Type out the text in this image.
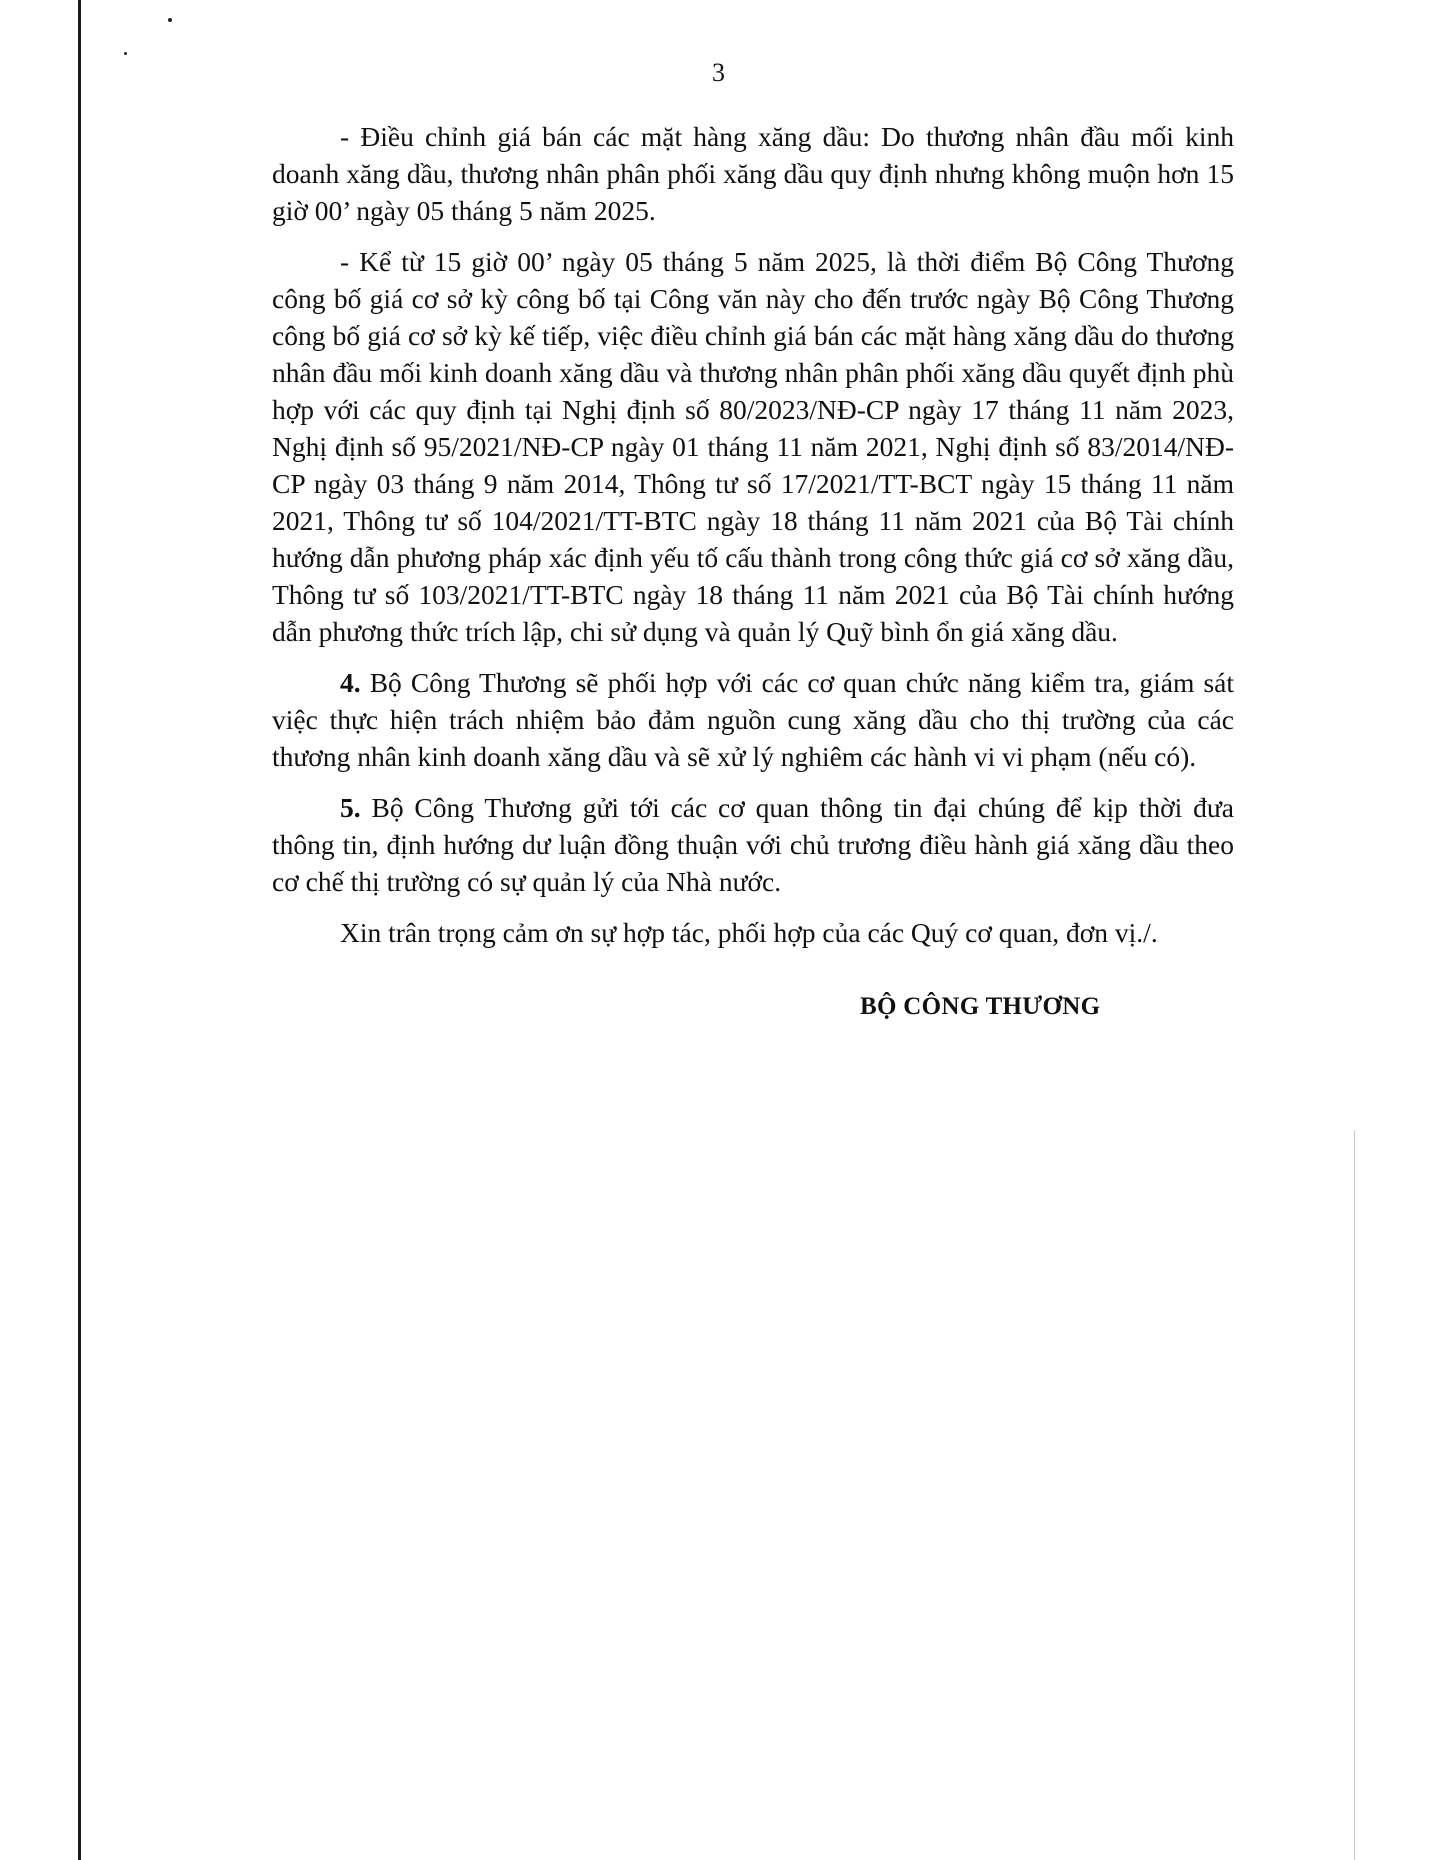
3

- Điều chỉnh giá bán các mặt hàng xăng dầu: Do thương nhân đầu mối kinh doanh xăng dầu, thương nhân phân phối xăng dầu quy định nhưng không muộn hơn 15 giờ 00’ ngày 05 tháng 5 năm 2025.

- Kể từ 15 giờ 00’ ngày 05 tháng 5 năm 2025, là thời điểm Bộ Công Thương công bố giá cơ sở kỳ công bố tại Công văn này cho đến trước ngày Bộ Công Thương công bố giá cơ sở kỳ kế tiếp, việc điều chỉnh giá bán các mặt hàng xăng dầu do thương nhân đầu mối kinh doanh xăng dầu và thương nhân phân phối xăng dầu quyết định phù hợp với các quy định tại Nghị định số 80/2023/NĐ-CP ngày 17 tháng 11 năm 2023, Nghị định số 95/2021/NĐ-CP ngày 01 tháng 11 năm 2021, Nghị định số 83/2014/NĐ-CP ngày 03 tháng 9 năm 2014, Thông tư số 17/2021/TT-BCT ngày 15 tháng 11 năm 2021, Thông tư số 104/2021/TT-BTC ngày 18 tháng 11 năm 2021 của Bộ Tài chính hướng dẫn phương pháp xác định yếu tố cấu thành trong công thức giá cơ sở xăng dầu, Thông tư số 103/2021/TT-BTC ngày 18 tháng 11 năm 2021 của Bộ Tài chính hướng dẫn phương thức trích lập, chi sử dụng và quản lý Quỹ bình ổn giá xăng dầu.

4. Bộ Công Thương sẽ phối hợp với các cơ quan chức năng kiểm tra, giám sát việc thực hiện trách nhiệm bảo đảm nguồn cung xăng dầu cho thị trường của các thương nhân kinh doanh xăng dầu và sẽ xử lý nghiêm các hành vi vi phạm (nếu có).

5. Bộ Công Thương gửi tới các cơ quan thông tin đại chúng để kịp thời đưa thông tin, định hướng dư luận đồng thuận với chủ trương điều hành giá xăng dầu theo cơ chế thị trường có sự quản lý của Nhà nước.

Xin trân trọng cảm ơn sự hợp tác, phối hợp của các Quý cơ quan, đơn vị./.

BỘ CÔNG THƯƠNG
